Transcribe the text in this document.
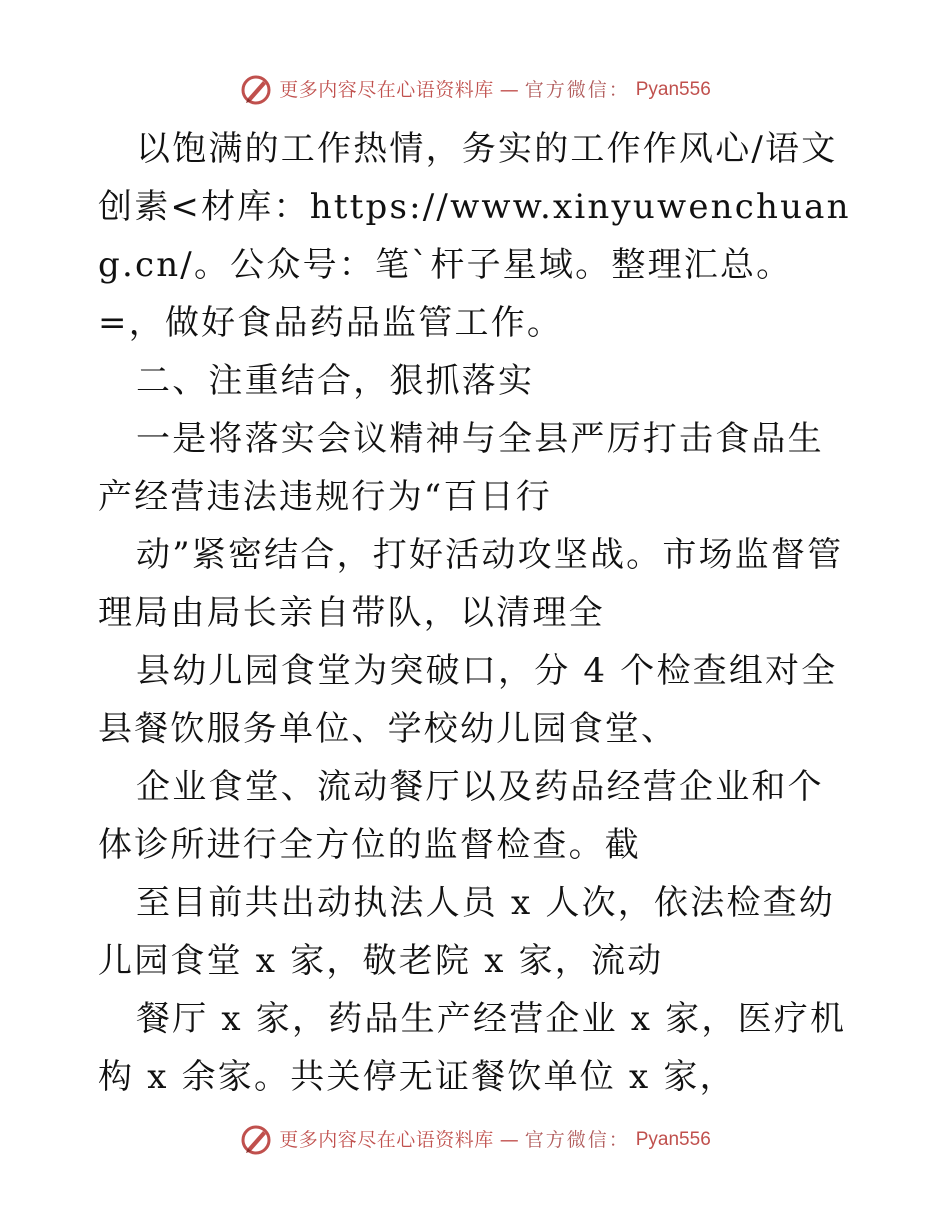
更多内容尽在心语资料库 — 官方微信： Pyan556

以饱满的工作热情，务实的工作作风心/语文创素<材库：https://www.xinyuwenchuang.cn/。公众号：笔`杆子星域。整理汇总。=，做好食品药品监管工作。

二、注重结合，狠抓落实

一是将落实会议精神与全县严厉打击食品生产经营违法违规行为“百日行

动”紧密结合，打好活动攻坚战。市场监督管理局由局长亲自带队，以清理全

县幼儿园食堂为突破口，分 4 个检查组对全县餐饮服务单位、学校幼儿园食堂、

企业食堂、流动餐厅以及药品经营企业和个体诊所进行全方位的监督检查。截

至目前共出动执法人员 x 人次，依法检查幼儿园食堂 x 家，敬老院 x 家，流动

餐厅 x 家，药品生产经营企业 x 家，医疗机构 x 余家。共关停无证餐饮单位 x 家，

更多内容尽在心语资料库 — 官方微信： Pyan556
